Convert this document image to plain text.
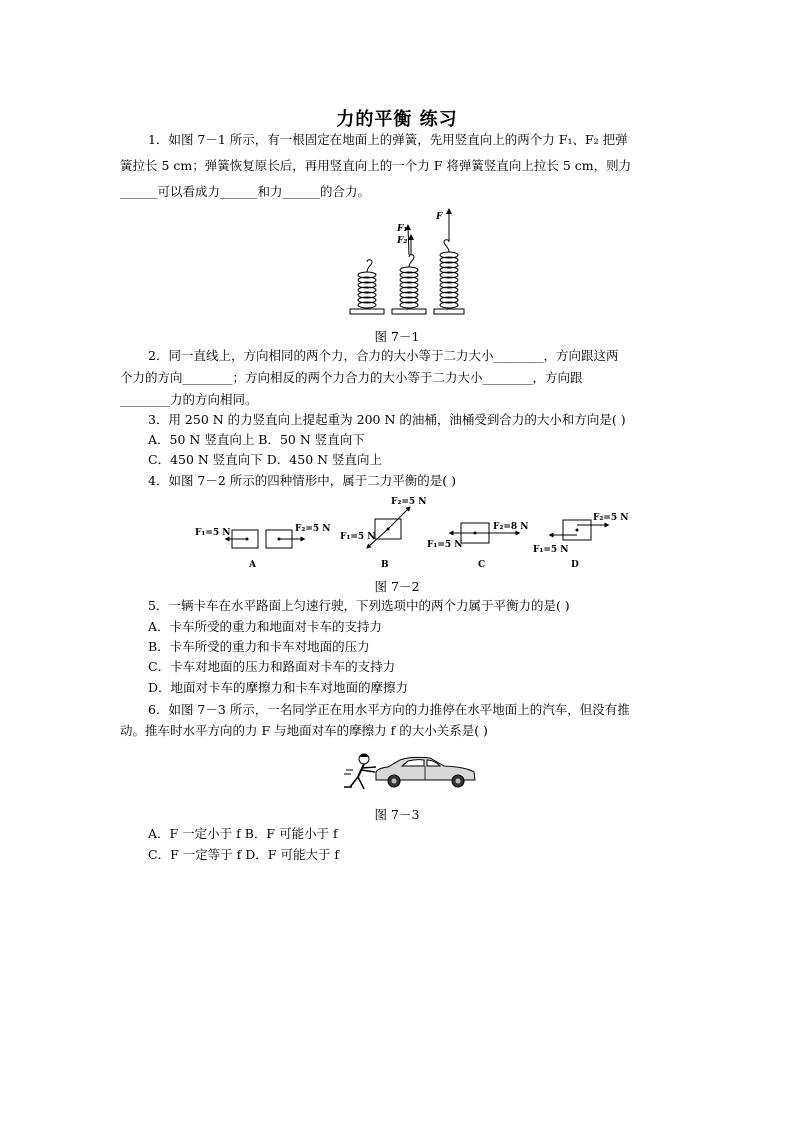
力的平衡 练习
1．如图 7－1 所示，有一根固定在地面上的弹簧，先用竖直向上的两个力 F₁、F₂ 把弹
簧拉长 5 cm；弹簧恢复原长后，再用竖直向上的一个力 F 将弹簧竖直向上拉长 5 cm，则力
______可以看成力______和力______的合力。
F₁
F₂
F
图 7－1
2．同一直线上，方向相同的两个力，合力的大小等于二力大小________，方向跟这两
个力的方向________；方向相反的两个力合力的大小等于二力大小________，方向跟
________力的方向相同。
3．用 250 N 的力竖直向上提起重为 200 N 的油桶，油桶受到合力的大小和方向是( )
A．50 N 竖直向上 B．50 N 竖直向下
C．450 N 竖直向下 D．450 N 竖直向上
4．如图 7－2 所示的四种情形中，属于二力平衡的是( )
F₁=5 N	F₂=5 N
A
F₂=5 N
F₁=5 N
B
F₂=8 N
F₁=5 N
C
F₂=5 N
F₁=5 N
D
图 7－2
5．一辆卡车在水平路面上匀速行驶，下列选项中的两个力属于平衡力的是( )
A．卡车所受的重力和地面对卡车的支持力
B．卡车所受的重力和卡车对地面的压力
C．卡车对地面的压力和路面对卡车的支持力
D．地面对卡车的摩擦力和卡车对地面的摩擦力
6．如图 7－3 所示，一名同学正在用水平方向的力推停在水平地面上的汽车，但没有推
动。推车时水平方向的力 F 与地面对车的摩擦力 f 的大小关系是( )
图 7－3
A．F 一定小于 f B．F 可能小于 f
C．F 一定等于 f D．F 可能大于 f
